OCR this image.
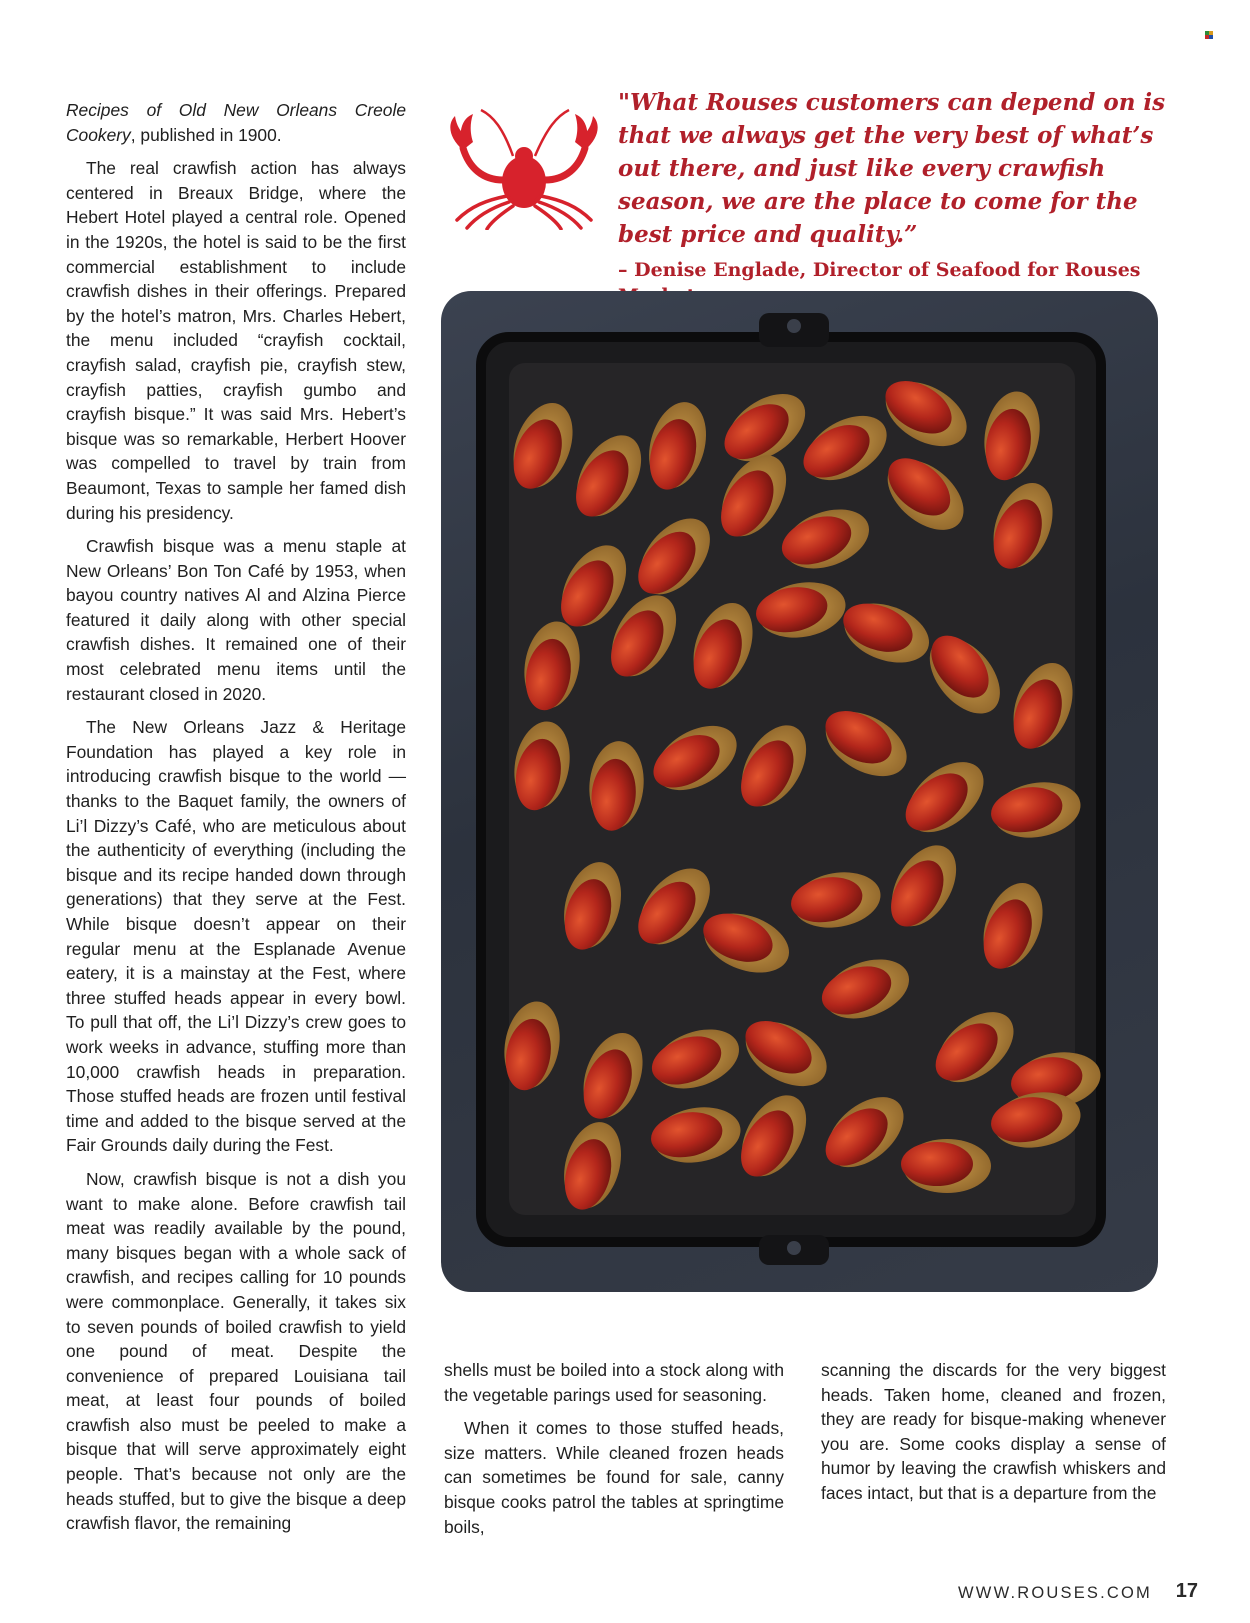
Recipes of Old New Orleans Creole Cookery, published in 1900.

The real crawfish action has always centered in Breaux Bridge, where the Hebert Hotel played a central role. Opened in the 1920s, the hotel is said to be the first commercial establishment to include crawfish dishes in their offerings. Prepared by the hotel’s matron, Mrs. Charles Hebert, the menu included “crayfish cocktail, crayfish salad, crayfish pie, crayfish stew, crayfish patties, crayfish gumbo and crayfish bisque.” It was said Mrs. Hebert’s bisque was so remarkable, Herbert Hoover was compelled to travel by train from Beaumont, Texas to sample her famed dish during his presidency.

Crawfish bisque was a menu staple at New Orleans’ Bon Ton Café by 1953, when bayou country natives Al and Alzina Pierce featured it daily along with other special crawfish dishes. It remained one of their most celebrated menu items until the restaurant closed in 2020.

The New Orleans Jazz & Heritage Foundation has played a key role in introducing crawfish bisque to the world — thanks to the Baquet family, the owners of Li’l Dizzy’s Café, who are meticulous about the authenticity of everything (including the bisque and its recipe handed down through generations) that they serve at the Fest. While bisque doesn’t appear on their regular menu at the Esplanade Avenue eatery, it is a mainstay at the Fest, where three stuffed heads appear in every bowl. To pull that off, the Li’l Dizzy’s crew goes to work weeks in advance, stuffing more than 10,000 crawfish heads in preparation. Those stuffed heads are frozen until festival time and added to the bisque served at the Fair Grounds daily during the Fest.

Now, crawfish bisque is not a dish you want to make alone. Before crawfish tail meat was readily available by the pound, many bisques began with a whole sack of crawfish, and recipes calling for 10 pounds were commonplace. Generally, it takes six to seven pounds of boiled crawfish to yield one pound of meat. Despite the convenience of prepared Louisiana tail meat, at least four pounds of boiled crawfish also must be peeled to make a bisque that will serve approximately eight people. That’s because not only are the heads stuffed, but to give the bisque a deep crawfish flavor, the remaining

"What Rouses customers can depend on is that we always get the very best of what’s out there, and just like every crawfish season, we are the place to come for the best price and quality.”

– Denise Englade, Director of Seafood for Rouses

shells must be boiled into a stock along with the vegetable parings used for seasoning.

When it comes to those stuffed heads, size matters. While cleaned frozen heads can sometimes be found for sale, canny bisque cooks patrol the tables at springtime boils,

scanning the discards for the very biggest heads. Taken home, cleaned and frozen, they are ready for bisque-making whenever you are. Some cooks display a sense of humor by leaving the crawfish whiskers and faces intact, but that is a departure from the

WWW.ROUSES.COM 17
